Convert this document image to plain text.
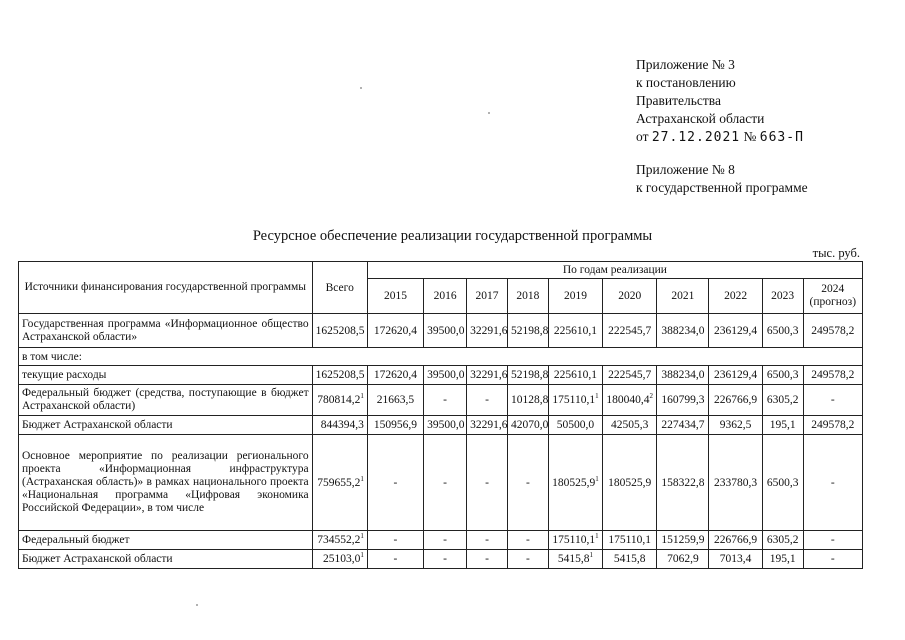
Приложение № 3
к постановлению
Правительства
Астраханской области
от 27.12.2021 № 663-П
Приложение № 8
к государственной программе
Ресурсное обеспечение реализации государственной программы
тыс. руб.
Источники финансирования государственной программы	Всего	По годам реализации									
		2015	2016	2017	2018	2019	2020	2021	2022	2023	2024 (прогноз)
Государственная программа «Информационное общество Астраханской области»	1625208,5	172620,4	39500,0	32291,6	52198,8	225610,1	222545,7	388234,0	236129,4	6500,3	249578,2
в том числе:											
текущие расходы	1625208,5	172620,4	39500,0	32291,6	52198,8	225610,1	222545,7	388234,0	236129,4	6500,3	249578,2
Федеральный бюджет (средства, поступающие в бюджет Астраханской области)	780814,2$^1$	21663,5	-	-	10128,8	175110,1$^1$	180040,4$^2$	160799,3	226766,9	6305,2	-
Бюджет Астраханской области	844394,3	150956,9	39500,0	32291,6	42070,0	50500,0	42505,3	227434,7	9362,5	195,1	249578,2
Основное мероприятие по реализации регионального проекта «Информационная инфраструктура (Астраханская область)» в рамках национального проекта «Национальная программа «Цифровая экономика Российской Федерации», в том числе	759655,2$^1$	-	-	-	-	180525,9$^1$	180525,9	158322,8	233780,3	6500,3	-
Федеральный бюджет	734552,2$^1$	-	-	-	-	175110,1$^1$	175110,1	151259,9	226766,9	6305,2	-
Бюджет Астраханской области	25103,0$^1$	-	-	-	-	5415,8$^1$	5415,8	7062,9	7013,4	195,1	-
